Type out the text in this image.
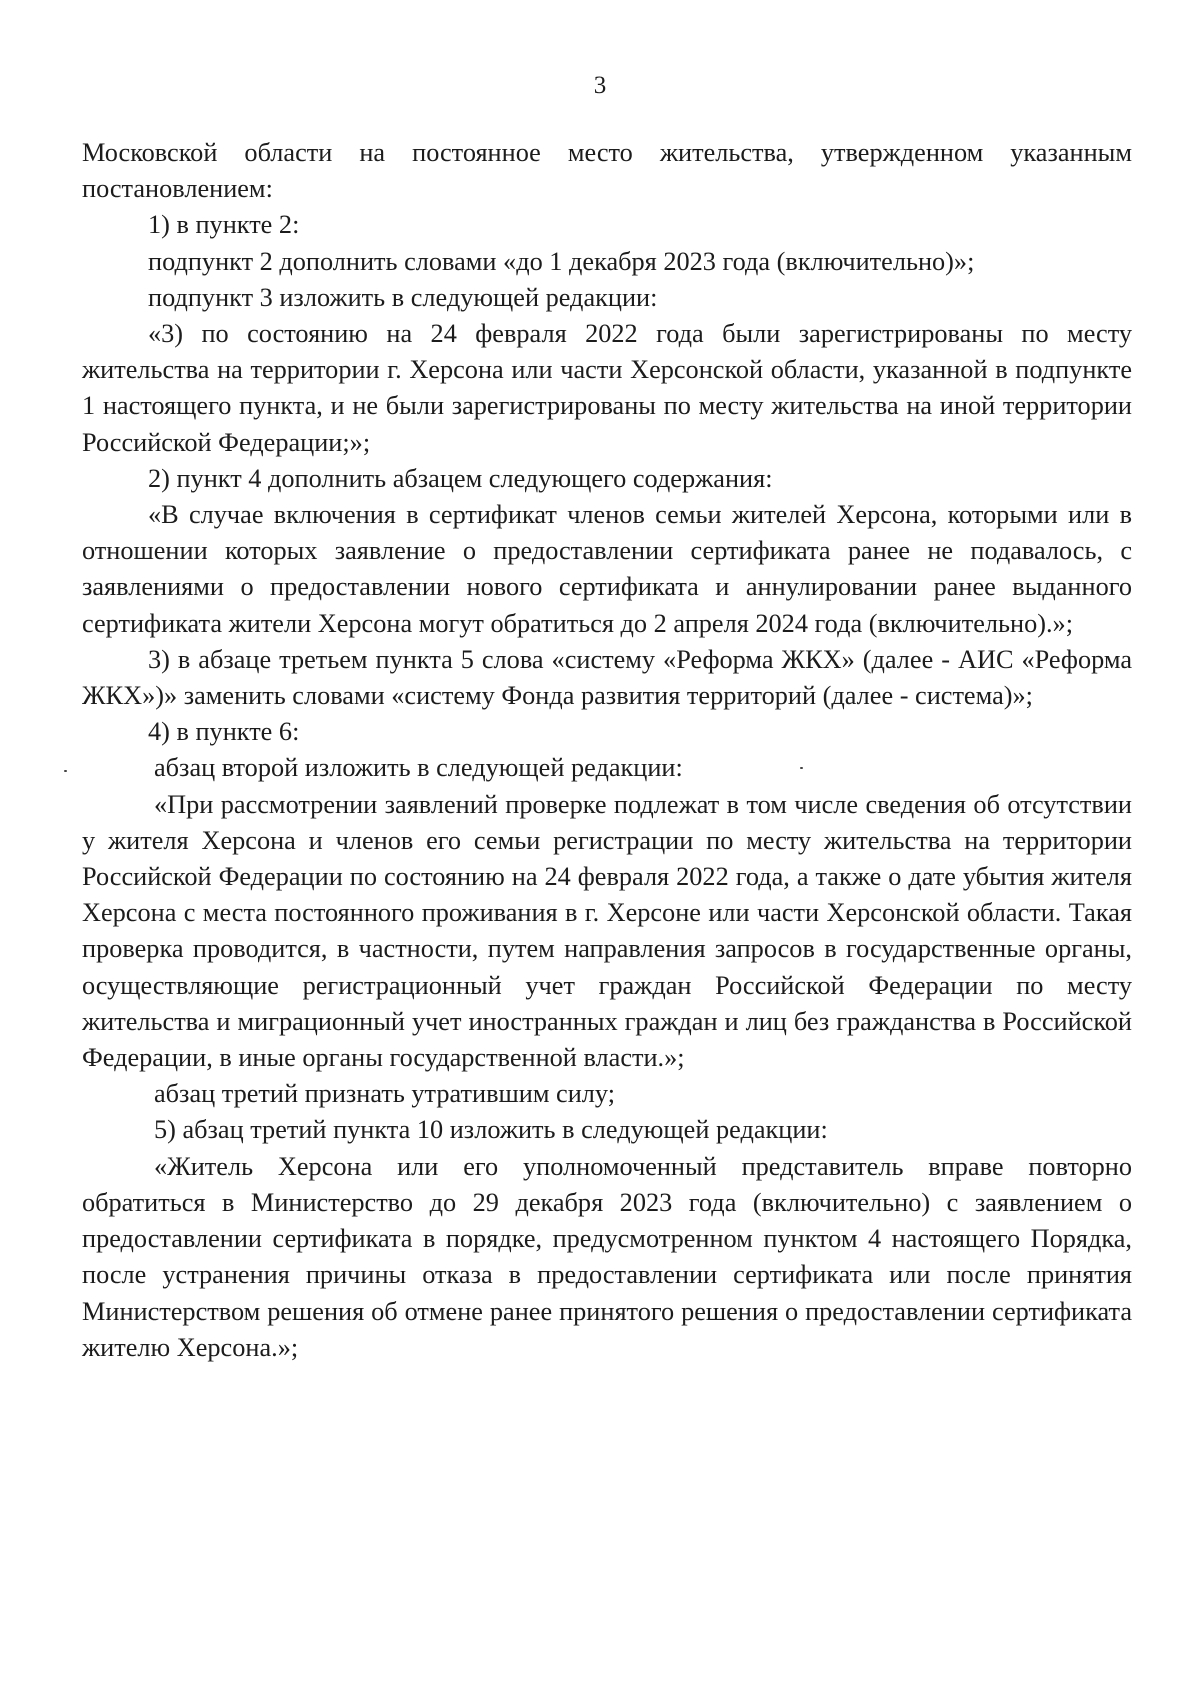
3

Московской области на постоянное место жительства, утвержденном указанным постановлением:

1) в пункте 2:

подпункт 2 дополнить словами «до 1 декабря 2023 года (включительно)»;

подпункт 3 изложить в следующей редакции:

«3) по состоянию на 24 февраля 2022 года были зарегистрированы по месту жительства на территории г. Херсона или части Херсонской области, указанной в подпункте 1 настоящего пункта, и не были зарегистрированы по месту жительства на иной территории Российской Федерации;»;

2) пункт 4 дополнить абзацем следующего содержания:

«В случае включения в сертификат членов семьи жителей Херсона, которыми или в отношении которых заявление о предоставлении сертификата ранее не подавалось, с заявлениями о предоставлении нового сертификата и аннулировании ранее выданного сертификата жители Херсона могут обратиться до 2 апреля 2024 года (включительно).»;

3) в абзаце третьем пункта 5 слова «систему «Реформа ЖКХ» (далее - АИС «Реформа ЖКХ»)» заменить словами «систему Фонда развития территорий (далее - система)»;

4) в пункте 6:

абзац второй изложить в следующей редакции:

«При рассмотрении заявлений проверке подлежат в том числе сведения об отсутствии у жителя Херсона и членов его семьи регистрации по месту жительства на территории Российской Федерации по состоянию на 24 февраля 2022 года, а также о дате убытия жителя Херсона с места постоянного проживания в г. Херсоне или части Херсонской области. Такая проверка проводится, в частности, путем направления запросов в государственные органы, осуществляющие регистрационный учет граждан Российской Федерации по месту жительства и миграционный учет иностранных граждан и лиц без гражданства в Российской Федерации, в иные органы государственной власти.»;

абзац третий признать утратившим силу;

5) абзац третий пункта 10 изложить в следующей редакции:

«Житель Херсона или его уполномоченный представитель вправе повторно обратиться в Министерство до 29 декабря 2023 года (включительно) с заявлением о предоставлении сертификата в порядке, предусмотренном пунктом 4 настоящего Порядка, после устранения причины отказа в предоставлении сертификата или после принятия Министерством решения об отмене ранее принятого решения о предоставлении сертификата жителю Херсона.»;
